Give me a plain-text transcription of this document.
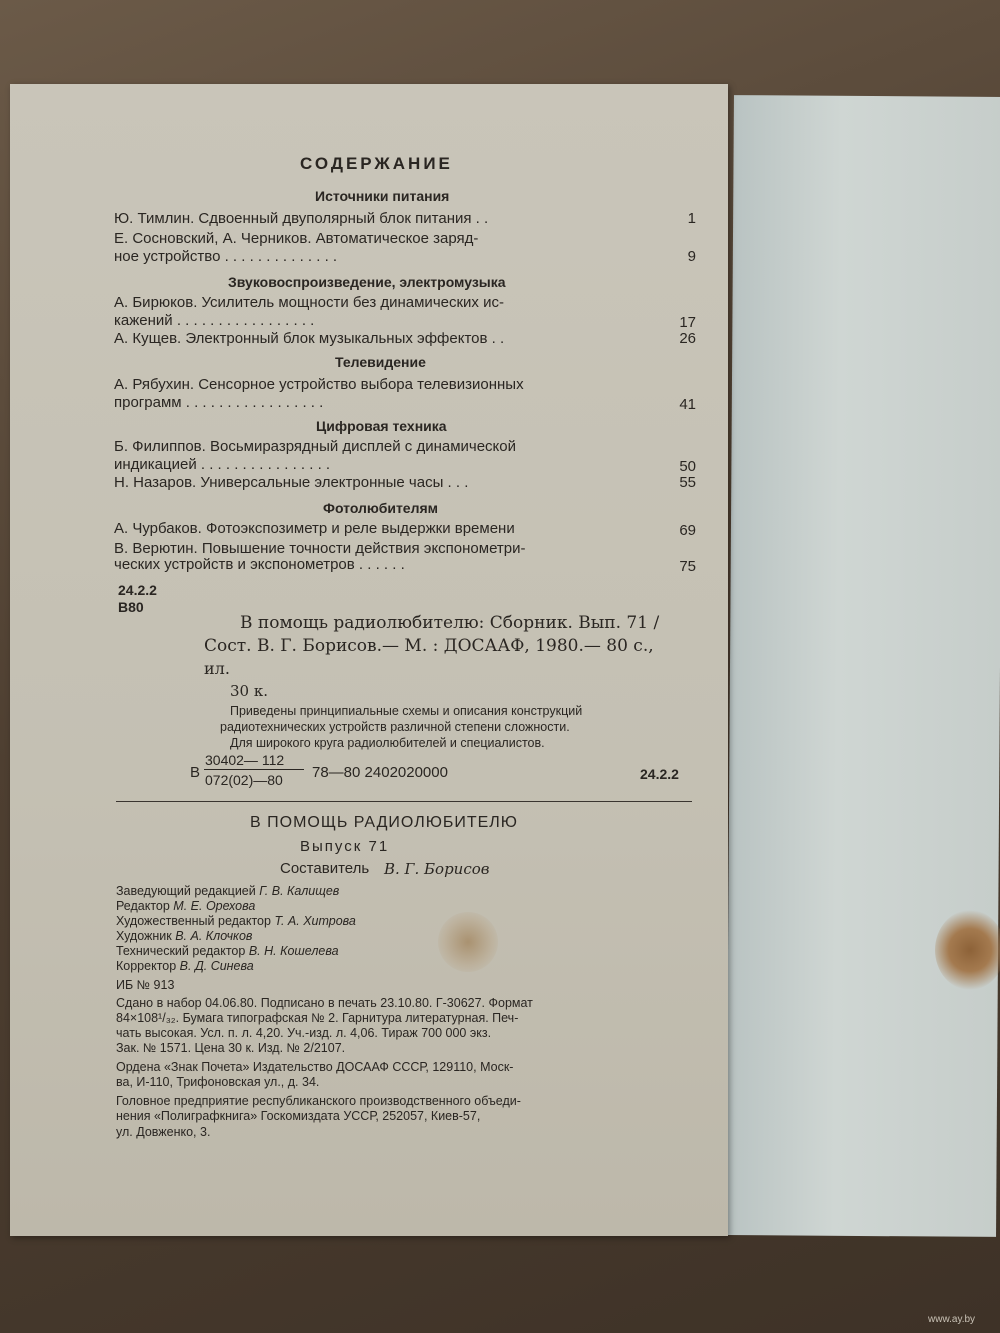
СОДЕРЖАНИЕ
Источники питания
Ю. Тимлин. Сдвоенный двуполярный блок питания . .	1
Е. Сосновский, А. Черников. Автоматическое заряд-
ное устройство . . . . . . . . . . . . . .	9
Звуковоспроизведение, электромузыка
А. Бирюков. Усилитель мощности без динамических ис-
кажений . . . . . . . . . . . . . . . . .	17
А. Кущев. Электронный блок музыкальных эффектов . .	26
Телевидение
А. Рябухин. Сенсорное устройство выбора телевизионных
программ . . . . . . . . . . . . . . . . .	41
Цифровая техника
Б. Филиппов. Восьмиразрядный дисплей с динамической
индикацией . . . . . . . . . . . . . . . .	50
Н. Назаров. Универсальные электронные часы . . .	55
Фотолюбителям
А. Чурбаков. Фотоэкспозиметр и реле выдержки времени	69
В. Верютин. Повышение точности действия экспонометри-
ческих устройств и экспонометров . . . . . .	75
24.2.2
В80
В помощь радиолюбителю: Сборник. Вып. 71 /
Сост. В. Г. Борисов.— М. : ДОСААФ, 1980.— 80 с.,
ил.
30 к.
Приведены принципиальные схемы и описания конструкций
радиотехнических устройств различной степени сложности.
Для широкого круга радиолюбителей и специалистов.
В
30402— 112
072(02)—80 78—80 2402020000	24.2.2
В ПОМОЩЬ РАДИОЛЮБИТЕЛЮ
Выпуск 71
Составитель В. Г. Борисов
Заведующий редакцией Г. В. Калищев
Редактор М. Е. Орехова
Художественный редактор Т. А. Хитрова
Художник В. А. Клочков
Технический редактор В. Н. Кошелева
Корректор В. Д. Синева
ИБ № 913
Сдано в набор 04.06.80. Подписано в печать 23.10.80. Г-30627. Формат
84×108¹/₃₂. Бумага типографская № 2. Гарнитура литературная. Печ-
чать высокая. Усл. п. л. 4,20. Уч.-изд. л. 4,06. Тираж 700 000 экз.
Зак. № 1571. Цена 30 к. Изд. № 2/2107.
Ордена «Знак Почета» Издательство ДОСААФ СССР, 129110, Моск-
ва, И-110, Трифоновская ул., д. 34.
Головное предприятие республиканского производственного объеди-
нения «Полиграфкнига» Госкомиздата УССР, 252057, Киев-57,
ул. Довженко, 3.
www.ay.by
